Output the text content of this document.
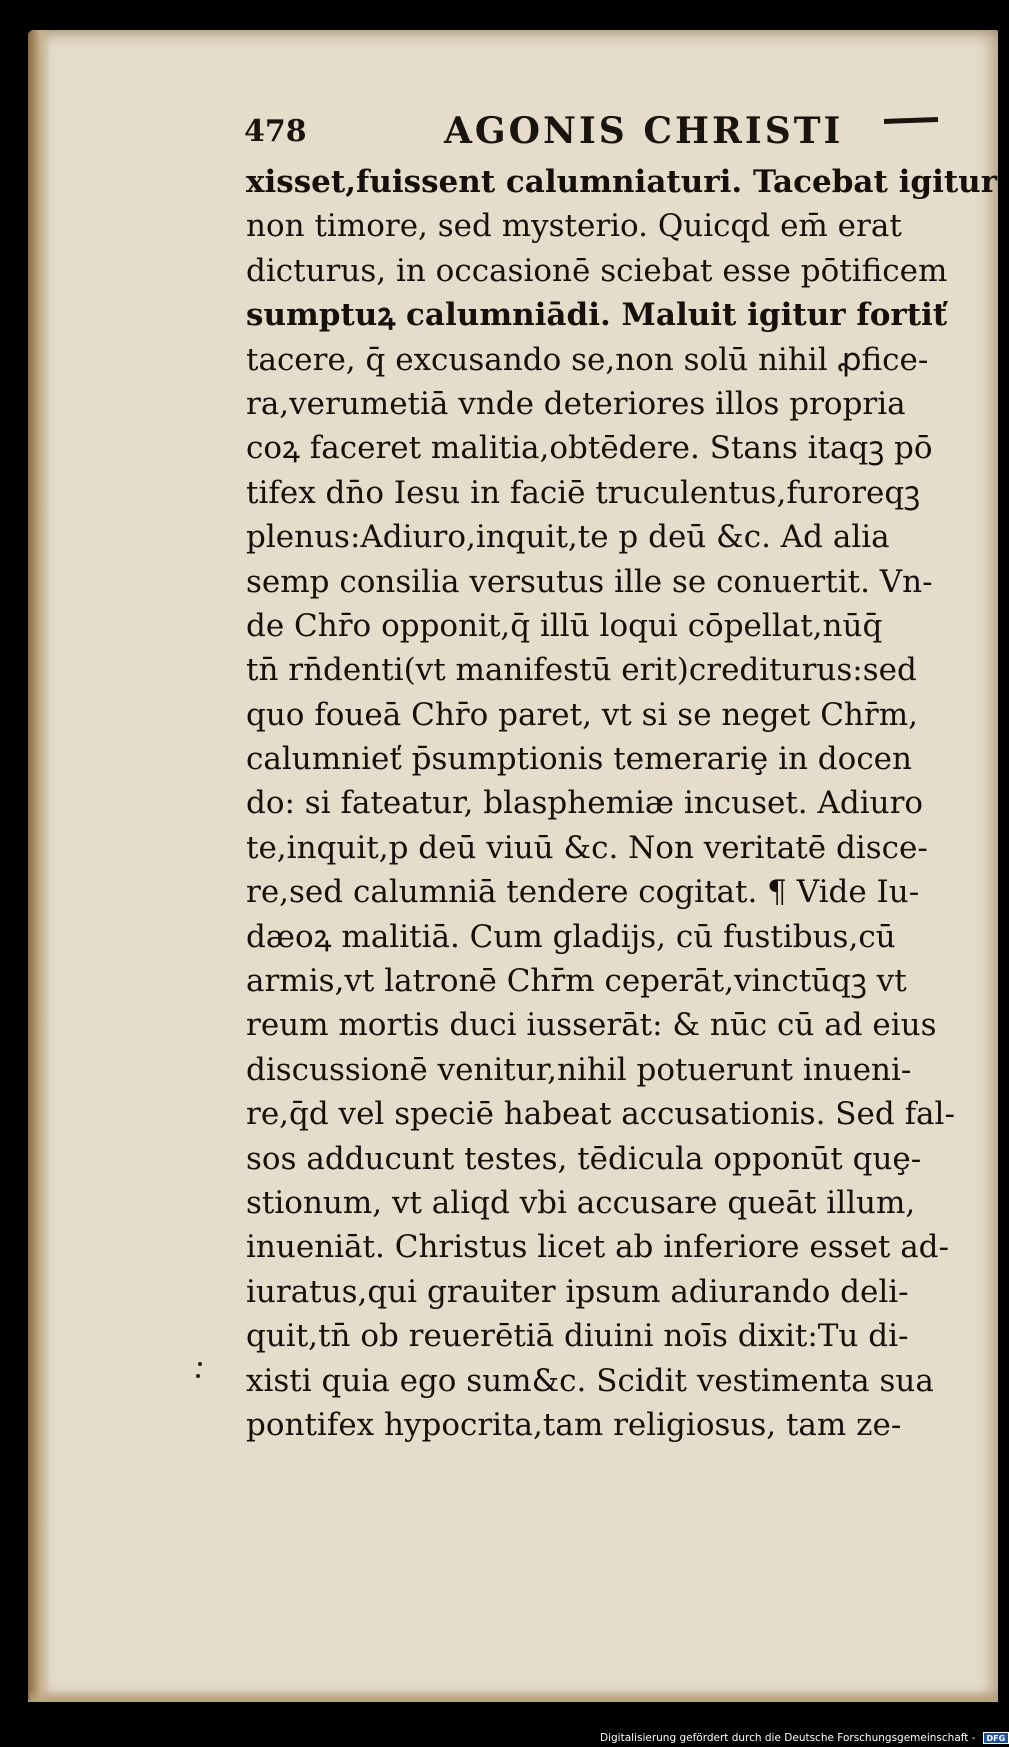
478	AGONIS CHRISTI
xisset,fuissent calumniaturi. Tacebat igitur
non timore, sed mysterio. Quicqd em̄ erat
dicturus, in occasionē sciebat esse pōtificem
sumptuꝝ calumniādi. Maluit igitur fortiť
tacere, q̄ excusando se,non solū nihil ꝓfice-
ra,verumetiā vnde deteriores illos propria
coꝝ faceret malitia,obtēdere. Stans itaqꝫ pō
tifex dn̄o Iesu in faciē truculentus,furoreqꝫ
plenus:Adiuro,inquit,te p deū &c. Ad alia
semp consilia versutus ille se conuertit. Vn-
de Chr̄o opponit,q̄ illū loqui cōpellat,nūq̄
tn̄ rn̄denti(vt manifestū erit)crediturus:sed
quo foueā Chr̄o paret, vt si se neget Chr̄m,
calumnieť p̄sumptionis temerariȩ in docen
do: si fateatur, blasphemiæ incuset. Adiuro
te,inquit,p deū viuū &c. Non veritatē disce-
re,sed calumniā tendere cogitat. ¶ Vide Iu-
dæoꝝ malitiā. Cum gladijs, cū fustibus,cū
armis,vt latronē Chr̄m ceperāt,vinctūqꝫ vt
reum mortis duci iusserāt: & nūc cū ad eius
discussionē venitur,nihil potuerunt inueni-
re,q̄d vel speciē habeat accusationis. Sed fal-
sos adducunt testes, tēdicula opponūt quȩ-
stionum, vt aliqd vbi accusare queāt illum,
inueniāt. Christus licet ab inferiore esset ad-
iuratus,qui grauiter ipsum adiurando deli-
quit,tn̄ ob reuerētiā diuini noīs dixit:Tu di-
xisti quia ego sum&c. Scidit vestimenta sua
pontifex hypocrita,tam religiosus, tam ze-
Digitalisierung gefördert durch die Deutsche Forschungsgemeinschaft - DFG
